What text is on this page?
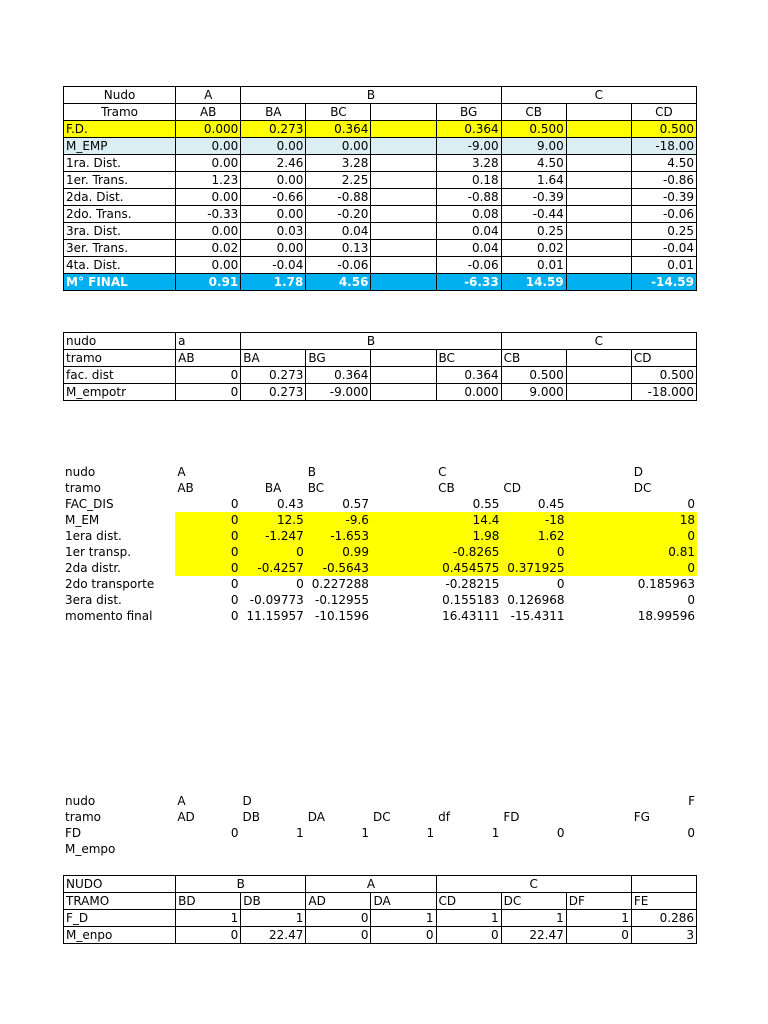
Nudo	A	B				C		
Tramo	AB	BA	BC		BG	CB		CD
F.D.	0.000	0.273	0.364		0.364	0.500		0.500
M_EMP	0.00	0.00	0.00		-9.00	9.00		-18.00
1ra. Dist.	0.00	2.46	3.28		3.28	4.50		4.50
1er. Trans.	1.23	0.00	2.25		0.18	1.64		-0.86
2da. Dist.	0.00	-0.66	-0.88		-0.88	-0.39		-0.39
2do. Trans.	-0.33	0.00	-0.20		0.08	-0.44		-0.06
3ra. Dist.	0.00	0.03	0.04		0.04	0.25		0.25
3er. Trans.	0.02	0.00	0.13		0.04	0.02		-0.04
4ta. Dist.	0.00	-0.04	-0.06		-0.06	0.01		0.01
M° FINAL	0.91	1.78	4.56		-6.33	14.59		-14.59
nudo	a	B				C		
tramo	AB	BA	BG		BC	CB		CD
fac. dist	0	0.273	0.364		0.364	0.500		0.500
M_empotr	0	0.273	-9.000		0.000	9.000		-18.000
nudo	A		B		C			D
tramo	AB	BA	BC		CB	CD		DC
FAC_DIS	0	0.43	0.57		0.55	0.45		0
M_EM	0	12.5	-9.6		14.4	-18		18
1era dist.	0	-1.247	-1.653		1.98	1.62		0
1er transp.	0	0	0.99		-0.8265	0		0.81
2da distr.	0	-0.4257	-0.5643		0.454575	0.371925		0
2do transporte	0	0	0.227288		-0.28215	0		0.185963
3era dist.	0	-0.09773	-0.12955		0.155183	0.126968		0
momento final	0	11.15957	-10.1596		16.43111	-15.4311		18.99596
nudo	A	D						F
tramo	AD	DB	DA	DC	df	FD		FG
FD	0	1	1	1	1	0		0
M_empo								
NUDO	B		A		C			
TRAMO	BD	DB	AD	DA	CD	DC	DF	FE
F_D	1	1	0	1	1	1	1	0.286
M_enpo	0	22.47	0	0	0	22.47	0	3
